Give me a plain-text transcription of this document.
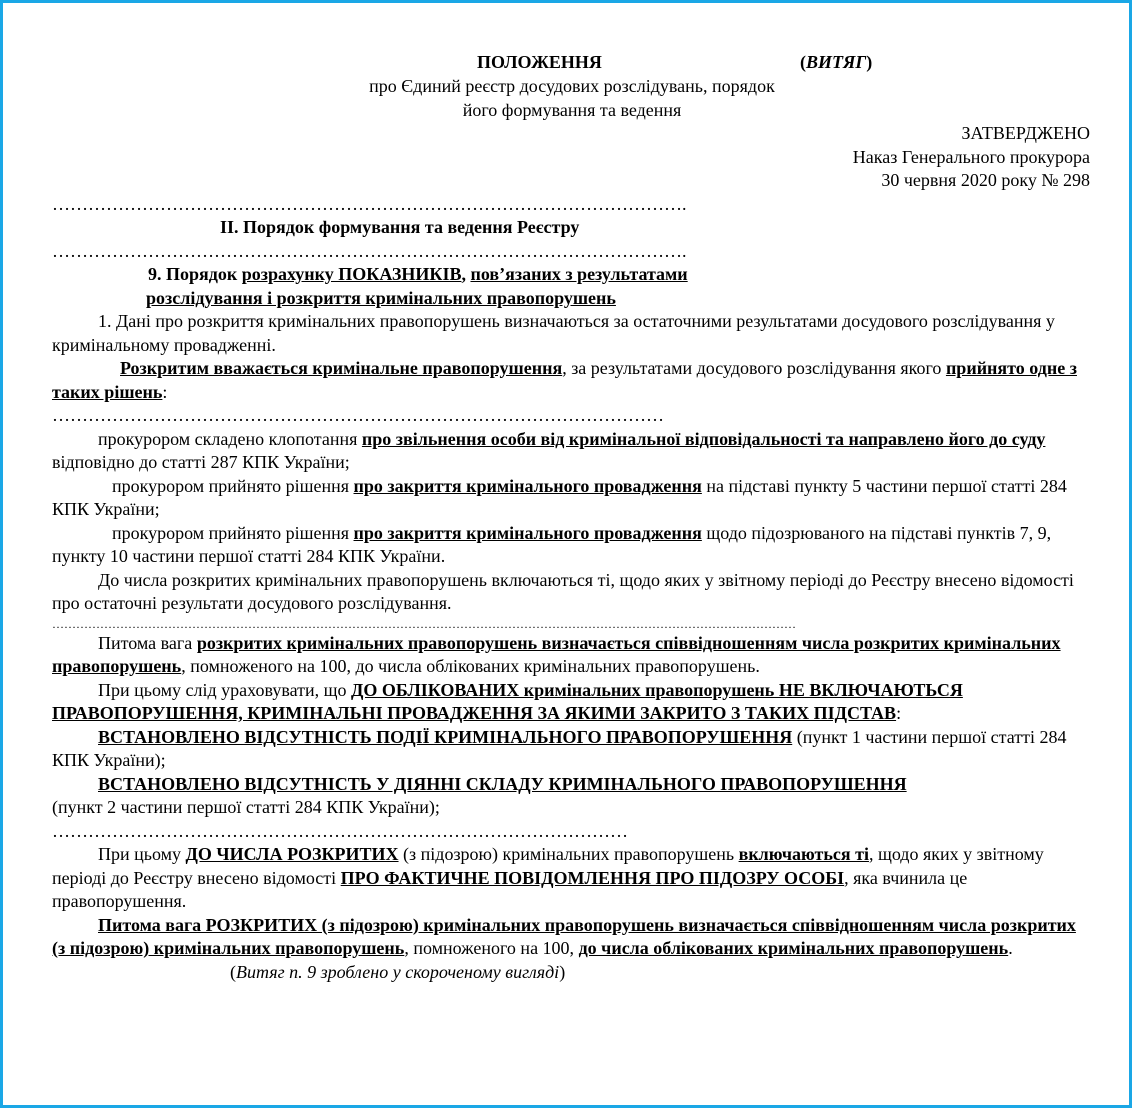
ПОЛОЖЕННЯ	(ВИТЯГ)

про Єдиний реєстр досудових розслідувань, порядок

його формування та ведення

ЗАТВЕРДЖЕНО

Наказ Генерального прокурора

30 червня 2020 року № 298

…………………………………………………………………………………………….

ІІ. Порядок формування та ведення Реєстру

…………………………………………………………………………………………….

9. Порядок розрахунку ПОКАЗНИКІВ, пов’язаних з результатами

розслідування і розкриття кримінальних правопорушень

1. Дані про розкриття кримінальних правопорушень визначаються за остаточними результатами досудового розслідування у кримінальному провадженні.

Розкритим вважається кримінальне правопорушення, за результатами досудового розслідування якого прийнято одне з таких рішень:

…………………………………………………………………………………………

прокурором складено клопотання про звільнення особи від кримінальної відповідальності та направлено його до суду відповідно до статті 287 КПК України;

прокурором прийнято рішення про закриття кримінального провадження на підставі пункту 5 частини першої статті 284 КПК України;

прокурором прийнято рішення про закриття кримінального провадження щодо підозрюваного на підставі пунктів 7, 9, пункту 10 частини першої статті 284 КПК України.

До числа розкритих кримінальних правопорушень включаються ті, щодо яких у звітному періоді до Реєстру внесено відомості про остаточні результати досудового розслідування.

……………………………………………………………………………………………………………………………………………………………………

Питома вага розкритих кримінальних правопорушень визначається співвідношенням числа розкритих кримінальних правопорушень, помноженого на 100, до числа облікованих кримінальних правопорушень.

При цьому слід ураховувати, що ДО ОБЛІКОВАНИХ кримінальних правопорушень НЕ ВКЛЮЧАЮТЬСЯ ПРАВОПОРУШЕННЯ, КРИМІНАЛЬНІ ПРОВАДЖЕННЯ ЗА ЯКИМИ ЗАКРИТО З ТАКИХ ПІДСТАВ:

ВСТАНОВЛЕНО ВІДСУТНІСТЬ ПОДІЇ КРИМІНАЛЬНОГО ПРАВОПОРУШЕННЯ (пункт 1 частини першої статті 284 КПК України);

ВСТАНОВЛЕНО ВІДСУТНІСТЬ У ДІЯННІ СКЛАДУ КРИМІНАЛЬНОГО ПРАВОПОРУШЕННЯ

(пункт 2 частини першої статті 284 КПК України);

……………………………………………………………………………………

При цьому ДО ЧИСЛА РОЗКРИТИХ (з підозрою) кримінальних правопорушень включаються ті, щодо яких у звітному періоді до Реєстру внесено відомості ПРО ФАКТИЧНЕ ПОВІДОМЛЕННЯ ПРО ПІДОЗРУ ОСОБІ, яка вчинила це правопорушення.

Питома вага РОЗКРИТИХ (з підозрою) кримінальних правопорушень визначається співвідношенням числа розкритих (з підозрою) кримінальних правопорушень, помноженого на 100, до числа облікованих кримінальних правопорушень.

(Витяг п. 9 зроблено у скороченому вигляді)
